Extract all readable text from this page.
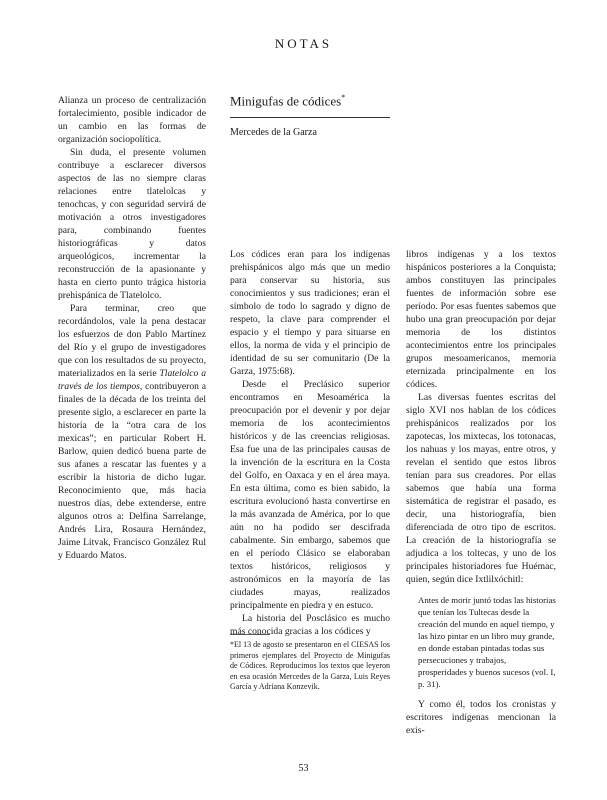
NOTAS

Alianza un proceso de centralización fortalecimiento, posible indicador de un cambio en las formas de organización sociopolítica.

Sin duda, el presente volumen contribuye a esclarecer diversos aspectos de las no siempre claras relaciones entre tlatelolcas y tenochcas, y con seguridad servirá de motivación a otros investigadores para, combinando fuentes historiográficas y datos arqueológicos, incrementar la reconstrucción de la apasionante y hasta en cierto punto trágica historia prehispánica de Tlatelolco.

Para terminar, creo que recordándolos, vale la pena destacar los esfuerzos de don Pablo Martínez del Río y el grupo de investigadores que con los resultados de su proyecto, materializados en la serie Tlatelolco a través de los tiempos, contribuyeron a finales de la década de los treinta del presente siglo, a esclarecer en parte la historia de la “otra cara de los mexicas”; en particular Robert H. Barlow, quien dedicó buena parte de sus afanes a rescatar las fuentes y a escribir la historia de dicho lugar. Reconocimiento que, más hacia nuestros días, debe extenderse, entre algunos otros a: Delfina Sarrelange, Andrés Lira, Rosaura Hernández, Jaime Litvak, Francisco González Rul y Eduardo Matos.

Minigufas de códices*
Mercedes de la Garza

Los códices eran para los indígenas prehispánicos algo más que un medio para conservar su historia, sus conocimientos y sus tradiciones; eran el símbolo de todo lo sagrado y digno de respeto, la clave para comprender el espacio y el tiempo y para situarse en ellos, la norma de vida y el principio de identidad de su ser comunitario (De la Garza, 1975:68).

Desde el Preclásico superior encontramos en Mesoamérica la preocupación por el devenir y por dejar memoria de los acontecimientos históricos y de las creencias religiosas. Esa fue una de las principales causas de la invención de la escritura en la Costa del Golfo, en Oaxaca y en el área maya. En esta última, como es bien sabido, la escritura evolucionó hasta convertirse en la más avanzada de América, por lo que aún no ha podido ser descifrada cabalmente. Sin embargo, sabemos que en el período Clásico se elaboraban textos históricos, religiosos y astronómicos en la mayoría de las ciudades mayas, realizados principalmente en piedra y en estuco.

La historia del Posclásico es mucho más conocida gracias a los códices y

libros indígenas y a los textos hispánicos posteriores a la Conquista; ambos constituyen las principales fuentes de información sobre ese período. Por esas fuentes sabemos que hubo una gran preocupación por dejar memoria de los distintos acontecimientos entre los principales grupos mesoamericanos, memoria eternizada principalmente en los códices.

Las diversas fuentes escritas del siglo XVI nos hablan de los códices prehispánicos realizados por los zapotecas, los mixtecas, los totonacas, los nahuas y los mayas, entre otros, y revelan el sentido que estos libros tenían para sus creadores. Por ellas sabemos que había una forma sistemática de registrar el pasado, es decir, una historiografía, bien diferenciada de otro tipo de escritos. La creación de la historiografía se adjudica a los toltecas, y uno de los principales historiadores fue Huémac, quien, según dice Ixtlilxóchitl:

Antes de morir juntó todas las historias que tenían los Tultecas desde la creación del mundo en aquel tiempo, y las hizo pintar en un libro muy grande, en donde estaban pintadas todas sus persecuciones y trabajos, prosperidades y buenos sucesos (vol. I, p. 31).

Y como él, todos los cronistas y escritores indígenas mencionan la exis-

*El 13 de agosto se presentaron en el CIESAS los primeros ejemplares del Proyecto de Minigufas de Códices. Reproducimos los textos que leyeron en esa ocasión Mercedes de la Garza, Luis Reyes García y Adriana Konzevik.
53
